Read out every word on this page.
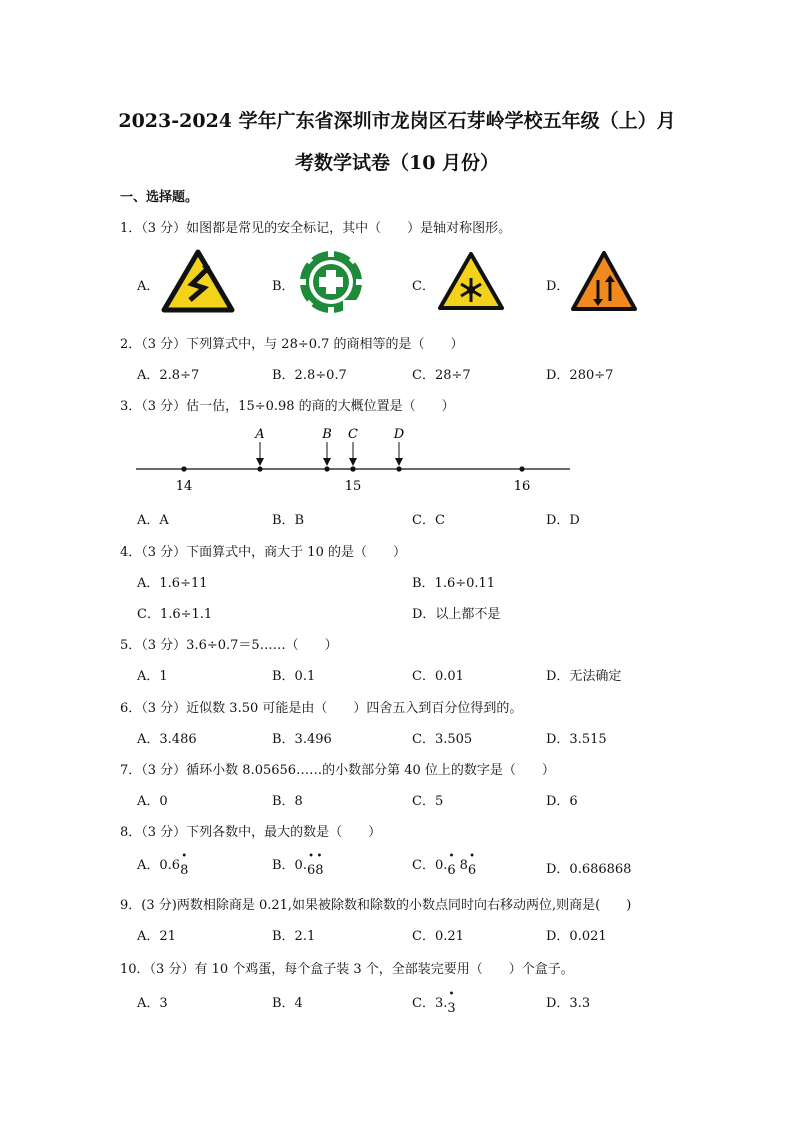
2023-2024 学年广东省深圳市龙岗区石芽岭学校五年级（上）月
考数学试卷（10 月份）
一、选择题。
1．（3 分）如图都是常见的安全标记，其中（　　）是轴对称图形。
A．	B．	C．	D．
2．（3 分）下列算式中，与 28÷0.7 的商相等的是（　　）
A．2.8÷7	B．2.8÷0.7	C．28÷7	D．280÷7
3．（3 分）估一估，15÷0.98 的商的大概位置是（　　）
A	B C	D
14	15	16
A．A	B．B	C．C	D．D
4．（3 分）下面算式中，商大于 10 的是（　　）
A．1.6÷11	B．1.6÷0.11
C．1.6÷1.1	D．以上都不是
5．（3 分）3.6÷0.7＝5……（　　）
A．1	B．0.1	C．0.01	D．无法确定
6．（3 分）近似数 3.50 可能是由（　　）四舍五入到百分位得到的。
A．3.486	B．3.496	C．3.505	D．3.515
7．（3 分）循环小数 8.05656……的小数部分第 40 位上的数字是（　　）
A．0	B．8	C．5	D．6
8．（3 分）下列各数中，最大的数是（　　）
A．0.6• 8	B．0.• 6• 8	C．0.• 6 8• 6	D．0.686868
9．(3 分)两数相除商是 0.21,如果被除数和除数的小数点同时向右移动两位,则商是(　　)
A．21	B．2.1	C．0.21	D．0.021
10．（3 分）有 10 个鸡蛋，每个盒子装 3 个，全部装完要用（　　）个盒子。
A．3	B．4	C．3.• 3	D．3.3
